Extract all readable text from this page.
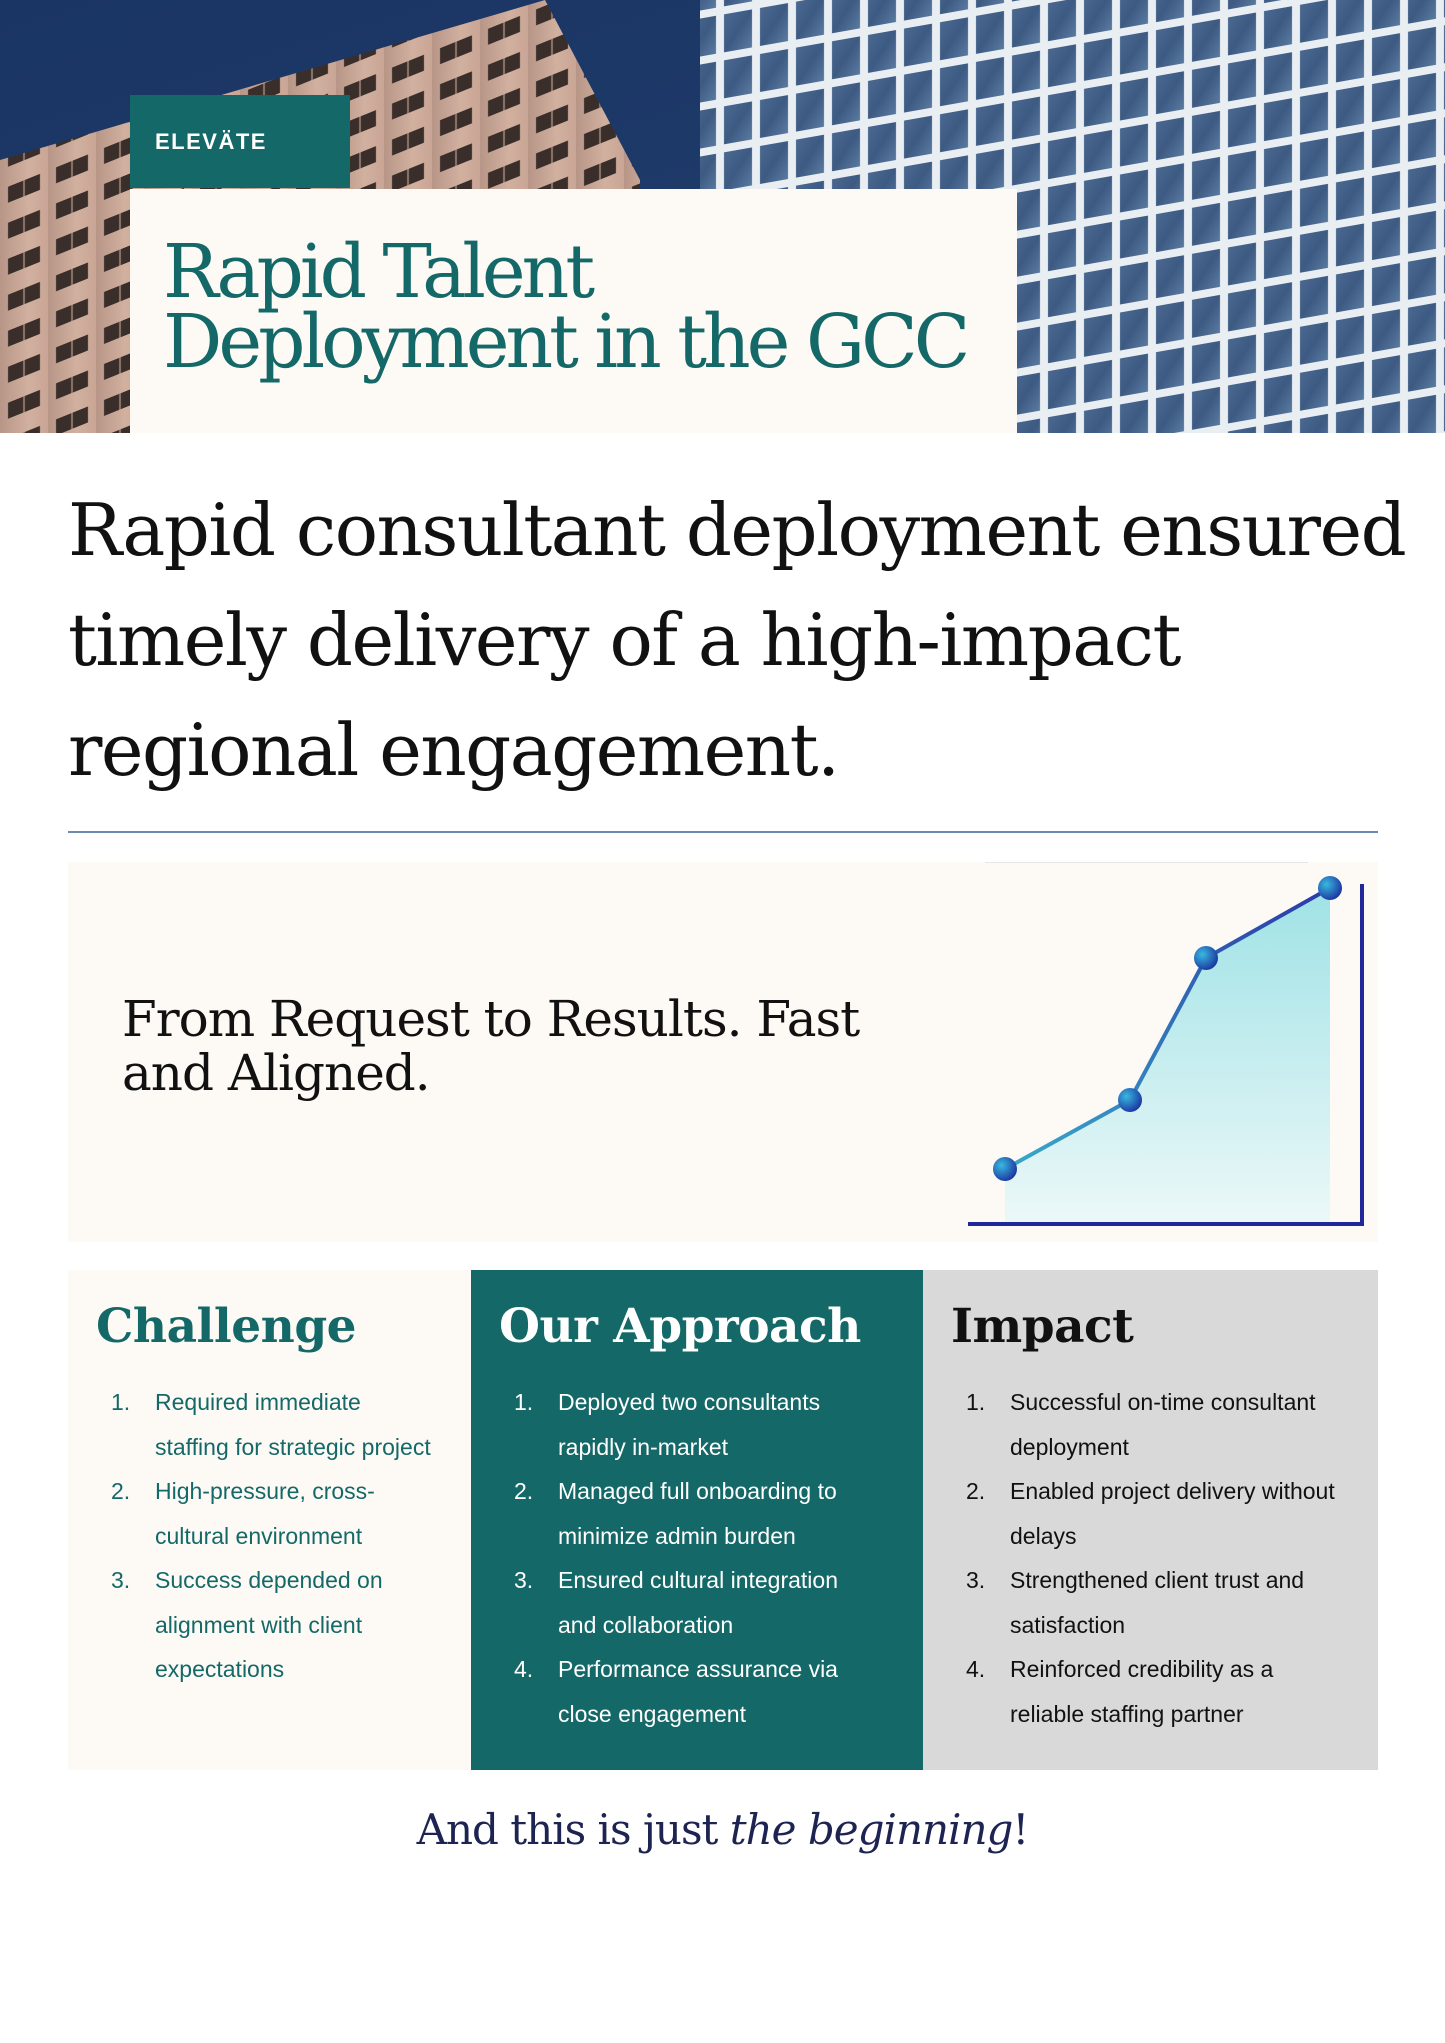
ELEVÄTE
Rapid Talent
Deployment in the GCC
Rapid consultant deployment ensured
timely delivery of a high-impact
regional engagement.

From Request to Results. Fast
and Aligned.

Challenge
1. Required immediate
staffing for strategic project
2. High-pressure, cross-
cultural environment
3. Success depended on
alignment with client
expectations
Our Approach
1. Deployed two consultants
rapidly in-market
2. Managed full onboarding to
minimize admin burden
3. Ensured cultural integration
and collaboration
4. Performance assurance via
close engagement
Impact
1. Successful on-time consultant
deployment
2. Enabled project delivery without
delays
3. Strengthened client trust and
satisfaction
4. Reinforced credibility as a
reliable staffing partner

And this is just the beginning!
